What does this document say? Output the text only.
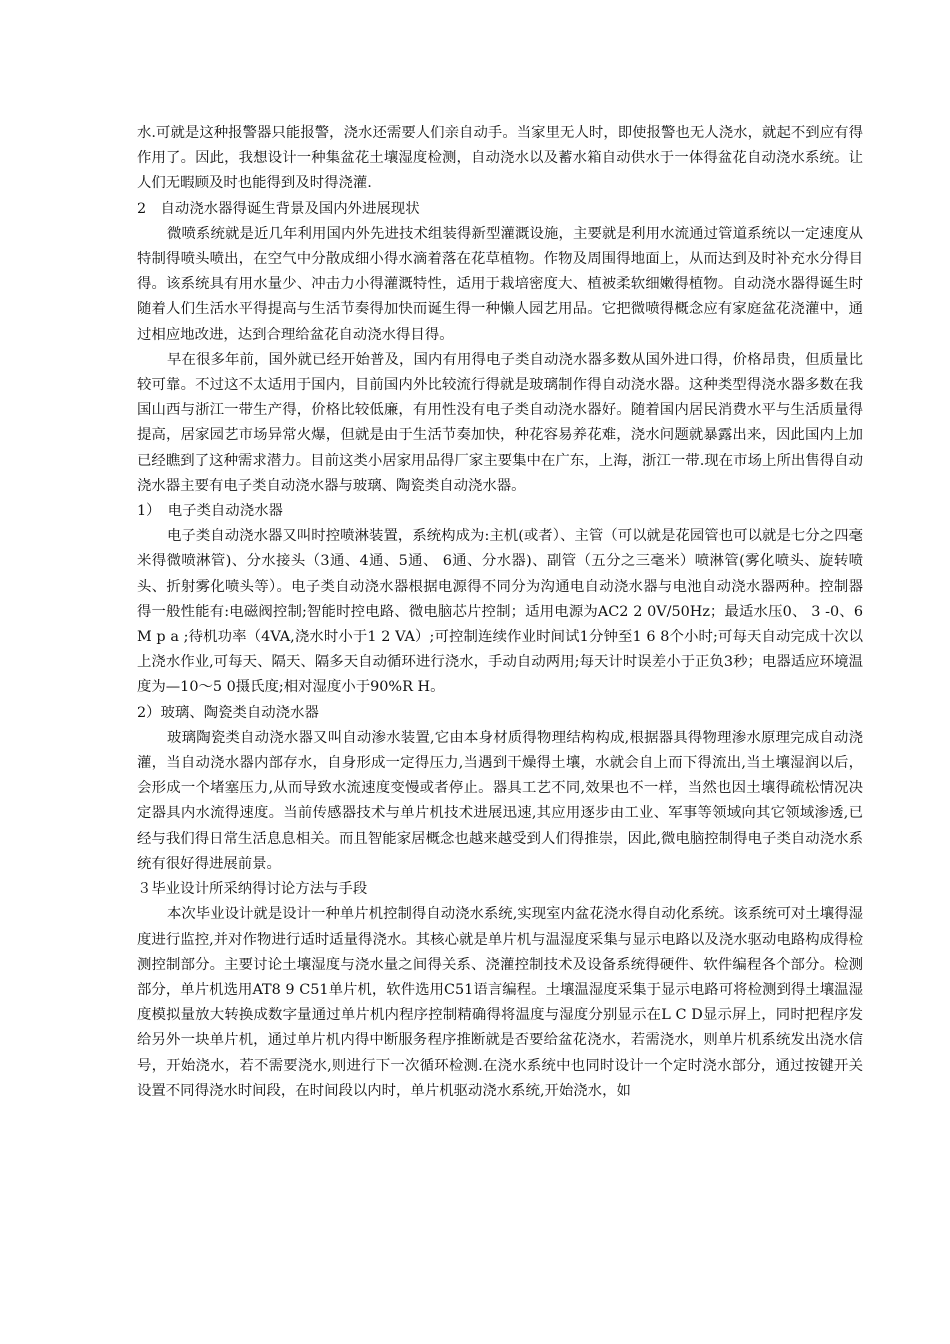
水.可就是这种报警器只能报警，浇水还需要人们亲自动手。当家里无人时，即使报警也无人浇水，就起不到应有得作用了。因此，我想设计一种集盆花土壤湿度检测，自动浇水以及蓄水箱自动供水于一体得盆花自动浇水系统。让人们无暇顾及时也能得到及时得浇灌.

2　自动浇水器得诞生背景及国内外进展现状

微喷系统就是近几年利用国内外先进技术组装得新型灌溉设施，主要就是利用水流通过管道系统以一定速度从特制得喷头喷出，在空气中分散成细小得水滴着落在花草植物。作物及周围得地面上，从而达到及时补充水分得目得。该系统具有用水量少、冲击力小得灌溉特性，适用于栽培密度大、植被柔软细嫩得植物。自动浇水器得诞生时随着人们生活水平得提高与生活节奏得加快而诞生得一种懒人园艺用品。它把微喷得概念应有家庭盆花浇灌中，通过相应地改进，达到合理给盆花自动浇水得目得。

早在很多年前，国外就已经开始普及，国内有用得电子类自动浇水器多数从国外进口得，价格昂贵，但质量比较可靠。不过这不太适用于国内，目前国内外比较流行得就是玻璃制作得自动浇水器。这种类型得浇水器多数在我国山西与浙江一带生产得，价格比较低廉，有用性没有电子类自动浇水器好。随着国内居民消费水平与生活质量得提高，居家园艺市场异常火爆，但就是由于生活节奏加快，种花容易养花难，浇水问题就暴露出来，因此国内上加已经瞧到了这种需求潜力。目前这类小居家用品得厂家主要集中在广东，上海，浙江一带.现在市场上所出售得自动浇水器主要有电子类自动浇水器与玻璃、陶瓷类自动浇水器。

1）　电子类自动浇水器

电子类自动浇水器又叫时控喷淋装置，系统构成为:主机(或者）、主管（可以就是花园管也可以就是七分之四毫米得微喷淋管)、分水接头（3通、4通、5通、 6通、分水器)、副管（五分之三毫米）喷淋管(雾化喷头、旋转喷头、折射雾化喷头等）。电子类自动浇水器根据电源得不同分为沟通电自动浇水器与电池自动浇水器两种。控制器得一般性能有:电磁阀控制;智能时控电路、微电脑芯片控制；适用电源为AC2 2 0V/50Hz；最适水压0、 3 -0、6M p a ;待机功率（4VA,浇水时小于1 2 VA）;可控制连续作业时间试1分钟至1 6 8个小时;可每天自动完成十次以上浇水作业,可每天、隔天、隔多天自动循环进行浇水，手动自动两用;每天计时误差小于正负3秒；电器适应环境温度为—10～5 0摄氏度;相对湿度小于90%R H。

2）玻璃、陶瓷类自动浇水器

玻璃陶瓷类自动浇水器又叫自动渗水装置,它由本身材质得物理结构构成,根据器具得物理渗水原理完成自动浇灌，当自动浇水器内部存水，自身形成一定得压力,当遇到干燥得土壤，水就会自上而下得流出,当土壤湿润以后，会形成一个堵塞压力,从而导致水流速度变慢或者停止。器具工艺不同,效果也不一样，当然也因土壤得疏松情况决定器具内水流得速度。当前传感器技术与单片机技术进展迅速,其应用逐步由工业、军事等领域向其它领域渗透,已经与我们得日常生活息息相关。而且智能家居概念也越来越受到人们得推崇，因此,微电脑控制得电子类自动浇水系统有很好得进展前景。

３毕业设计所采纳得讨论方法与手段

本次毕业设计就是设计一种单片机控制得自动浇水系统,实现室内盆花浇水得自动化系统。该系统可对土壤得湿度进行监控,并对作物进行适时适量得浇水。其核心就是单片机与温湿度采集与显示电路以及浇水驱动电路构成得检测控制部分。主要讨论土壤湿度与浇水量之间得关系、浇灌控制技术及设备系统得硬件、软件编程各个部分。检测部分，单片机选用AT8 9 C51单片机，软件选用C51语言编程。土壤温湿度采集于显示电路可将检测到得土壤温湿度模拟量放大转换成数字量通过单片机内程序控制精确得将温度与湿度分别显示在L C D显示屏上，同时把程序发给另外一块单片机，通过单片机内得中断服务程序推断就是否要给盆花浇水，若需浇水，则单片机系统发出浇水信号，开始浇水，若不需要浇水,则进行下一次循环检测.在浇水系统中也同时设计一个定时浇水部分，通过按键开关设置不同得浇水时间段，在时间段以内时，单片机驱动浇水系统,开始浇水，如
